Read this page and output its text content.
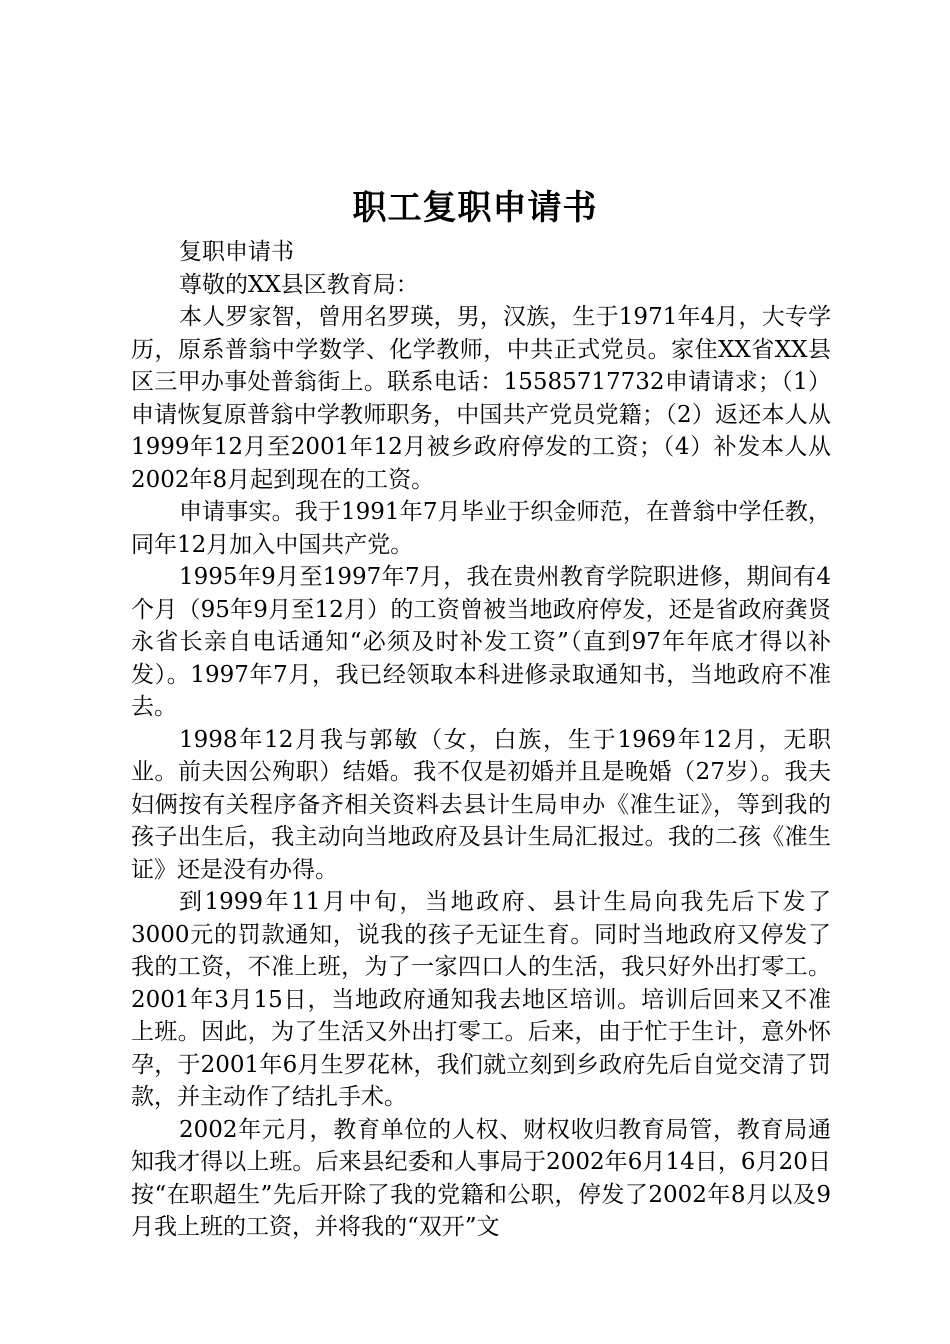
职工复职申请书

复职申请书

尊敬的XX县区教育局：

本人罗家智，曾用名罗瑛，男，汉族，生于1971年4月，大专学历，原系普翁中学数学、化学教师，中共正式党员。家住XX省XX县区三甲办事处普翁街上。联系电话：15585717732申请请求；（1）申请恢复原普翁中学教师职务，中国共产党员党籍；（2）返还本人从1999年12月至2001年12月被乡政府停发的工资；（4）补发本人从2002年8月起到现在的工资。

申请事实。我于1991年7月毕业于织金师范，在普翁中学任教，同年12月加入中国共产党。

1995年9月至1997年7月，我在贵州教育学院职进修，期间有4个月（95年9月至12月）的工资曾被当地政府停发，还是省政府龚贤永省长亲自电话通知“必须及时补发工资”（直到97年年底才得以补发）。1997年7月，我已经领取本科进修录取通知书，当地政府不准去。

1998年12月我与郭敏（女，白族，生于1969年12月，无职业。前夫因公殉职）结婚。我不仅是初婚并且是晚婚（27岁）。我夫妇俩按有关程序备齐相关资料去县计生局申办《准生证》，等到我的孩子出生后，我主动向当地政府及县计生局汇报过。我的二孩《准生证》还是没有办得。

到1999年11月中旬，当地政府、县计生局向我先后下发了3000元的罚款通知，说我的孩子无证生育。同时当地政府又停发了我的工资，不准上班，为了一家四口人的生活，我只好外出打零工。2001年3月15日，当地政府通知我去地区培训。培训后回来又不准上班。因此，为了生活又外出打零工。后来，由于忙于生计，意外怀孕，于2001年6月生罗花林，我们就立刻到乡政府先后自觉交清了罚款，并主动作了结扎手术。

2002年元月，教育单位的人权、财权收归教育局管，教育局通知我才得以上班。后来县纪委和人事局于2002年6月14日，6月20日按“在职超生”先后开除了我的党籍和公职，停发了2002年8月以及9月我上班的工资，并将我的“双开”文
